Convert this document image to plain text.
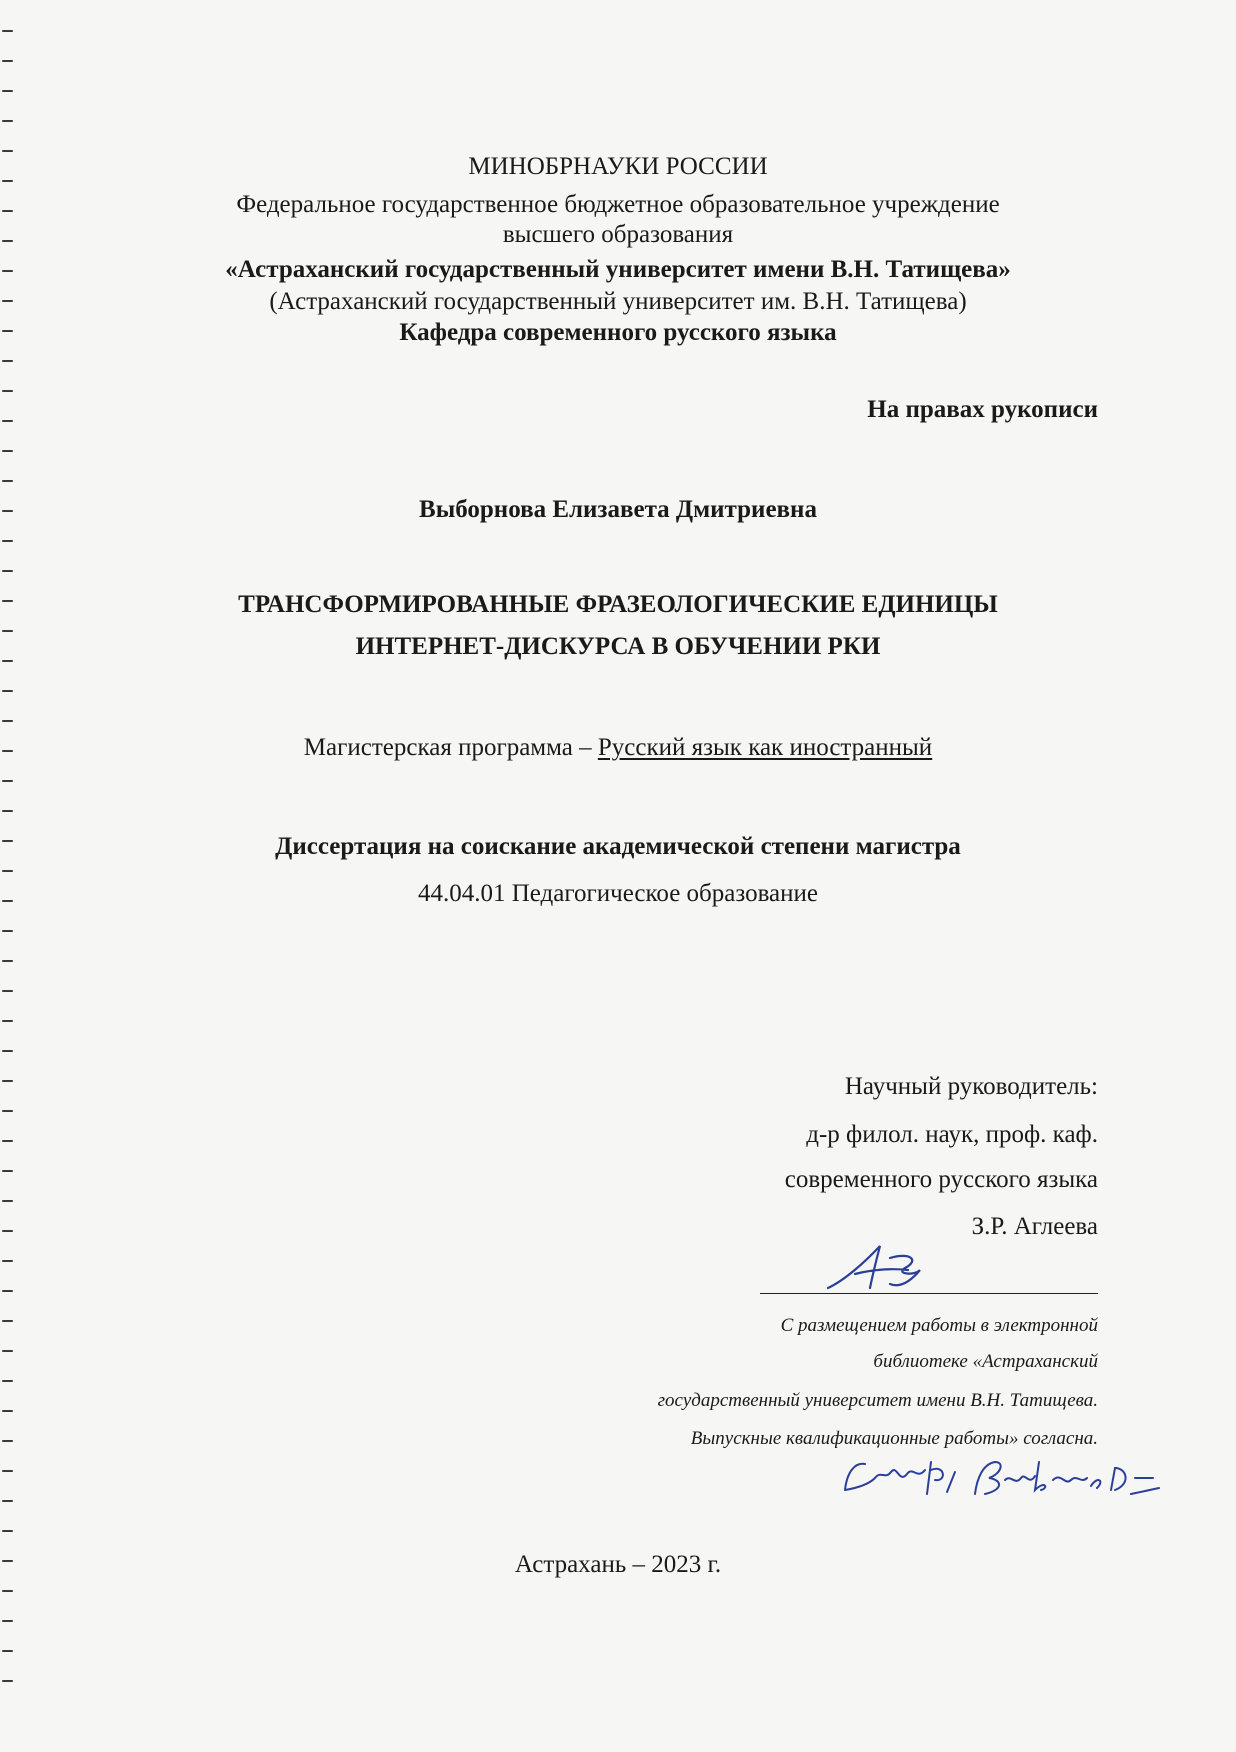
МИНОБРНАУКИ РОССИИ
Федеральное государственное бюджетное образовательное учреждение
высшего образования
«Астраханский государственный университет имени В.Н. Татищева»
(Астраханский государственный университет им. В.Н. Татищева)
Кафедра современного русского языка
На правах рукописи
Выборнова Елизавета Дмитриевна
ТРАНСФОРМИРОВАННЫЕ ФРАЗЕОЛОГИЧЕСКИЕ ЕДИНИЦЫ
ИНТЕРНЕТ-ДИСКУРСА В ОБУЧЕНИИ РКИ
Магистерская программа – Русский язык как иностранный
Диссертация на соискание академической степени магистра
44.04.01 Педагогическое образование
Научный руководитель:
д-р филол. наук, проф. каф.
современного русского языка
З.Р. Аглеева
С размещением работы в электронной
библиотеке «Астраханский
государственный университет имени В.Н. Татищева.
Выпускные квалификационные работы» согласна.
Астрахань – 2023 г.
